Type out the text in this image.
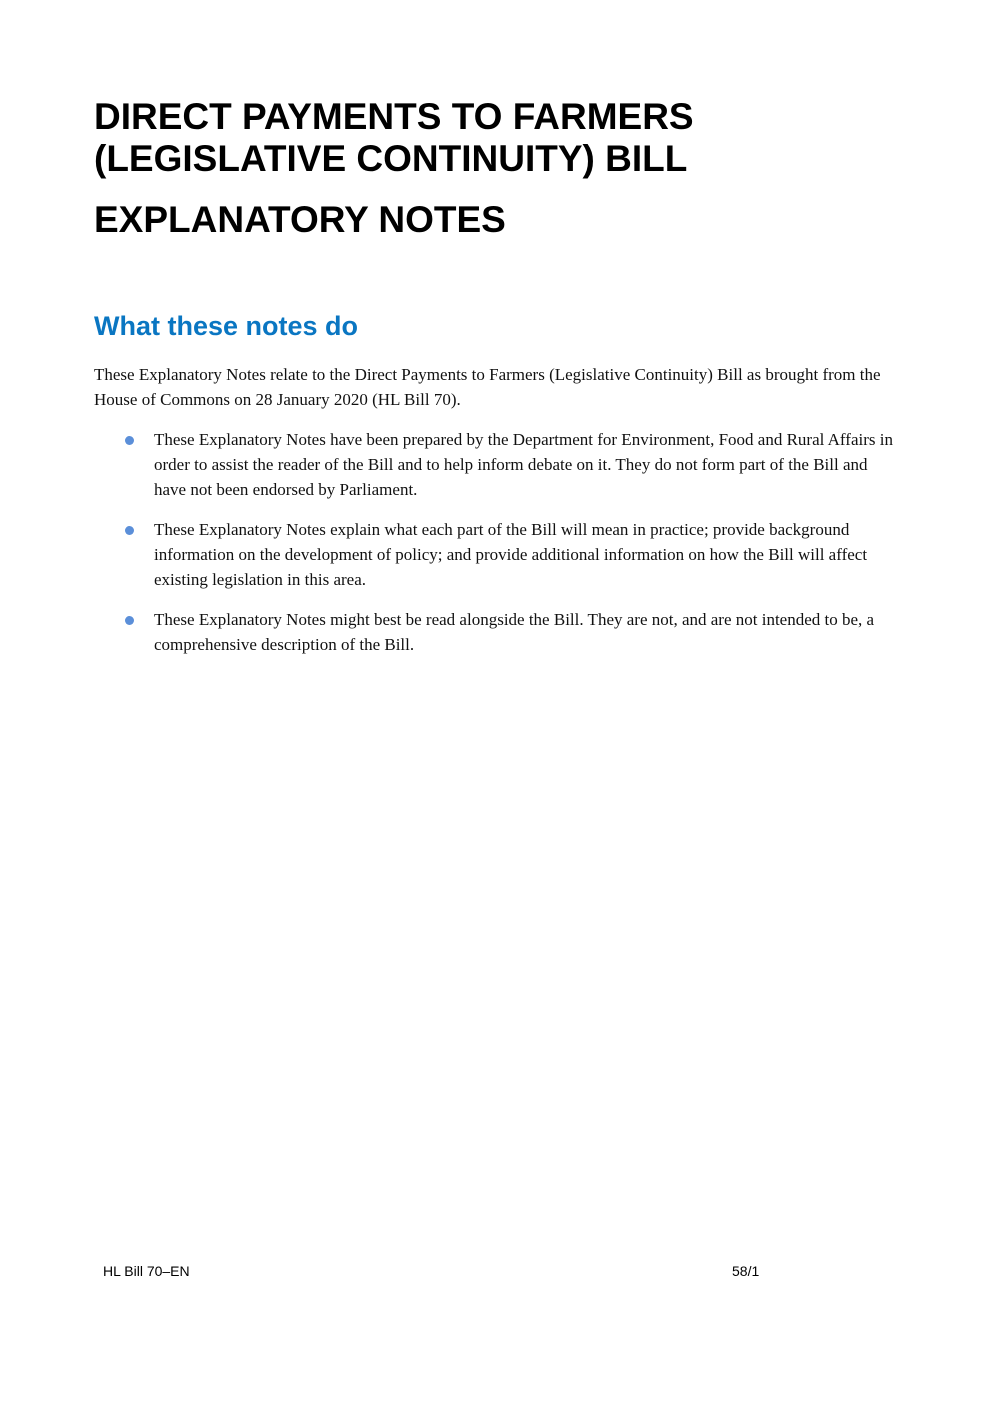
DIRECT PAYMENTS TO FARMERS (LEGISLATIVE CONTINUITY) BILL
EXPLANATORY NOTES
What these notes do

These Explanatory Notes relate to the Direct Payments to Farmers (Legislative Continuity) Bill as brought from the House of Commons on 28 January 2020 (HL Bill 70).

These Explanatory Notes have been prepared by the Department for Environment, Food and Rural Affairs in order to assist the reader of the Bill and to help inform debate on it. They do not form part of the Bill and have not been endorsed by Parliament.
These Explanatory Notes explain what each part of the Bill will mean in practice; provide background information on the development of policy; and provide additional information on how the Bill will affect existing legislation in this area.
These Explanatory Notes might best be read alongside the Bill. They are not, and are not intended to be, a comprehensive description of the Bill.
HL Bill 70–EN	58/1
